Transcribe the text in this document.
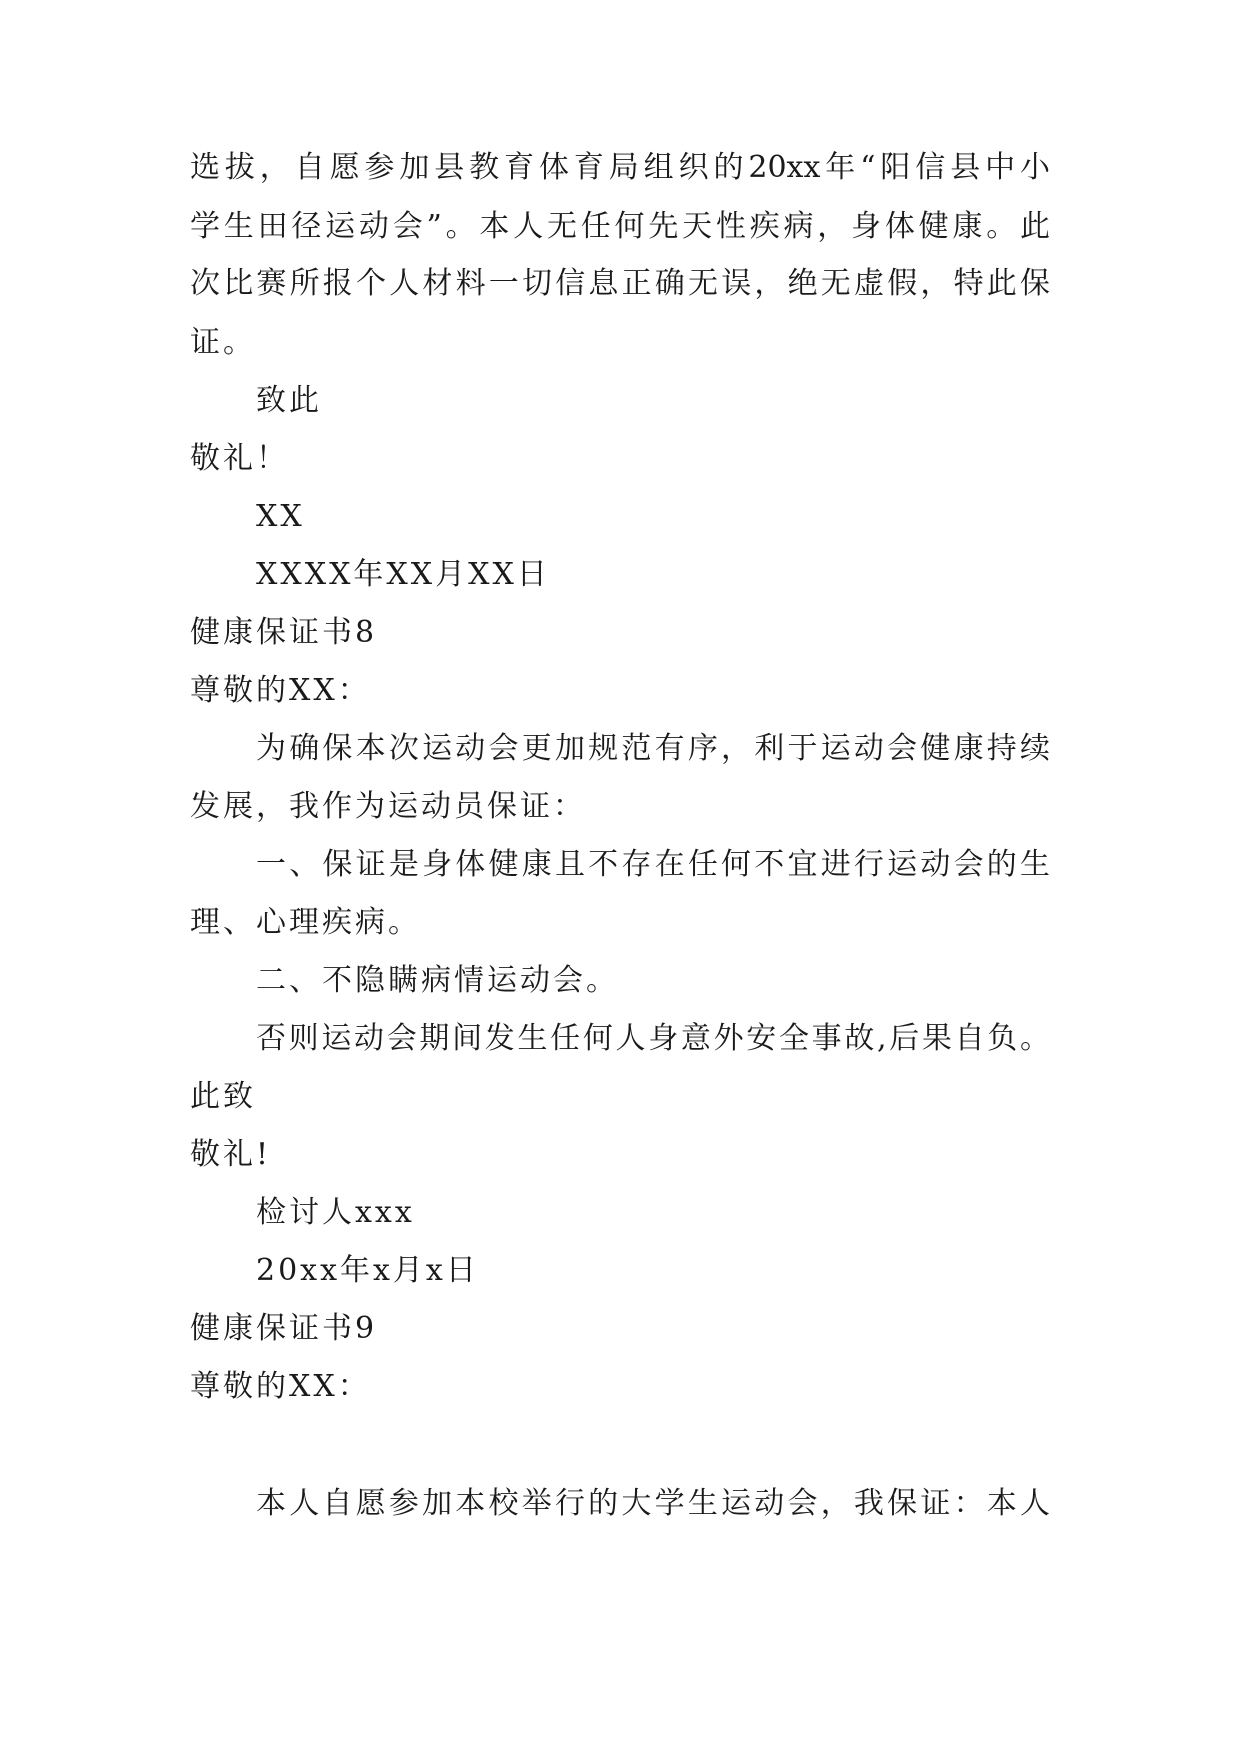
选拔，自愿参加县教育体育局组织的20xx年“阳信县中小
学生田径运动会”。本人无任何先天性疾病，身体健康。此
次比赛所报个人材料一切信息正确无误，绝无虚假，特此保
证。
致此
敬礼！
XX
XXXX年XX月XX日
健康保证书8
尊敬的XX：
为确保本次运动会更加规范有序，利于运动会健康持续
发展，我作为运动员保证：
一、保证是身体健康且不存在任何不宜进行运动会的生
理、心理疾病。
二、不隐瞒病情运动会。
否则运动会期间发生任何人身意外安全事故,后果自负。
此致
敬礼!
检讨人xxx
20xx年x月x日
健康保证书9
尊敬的XX：
本人自愿参加本校举行的大学生运动会，我保证：本人
